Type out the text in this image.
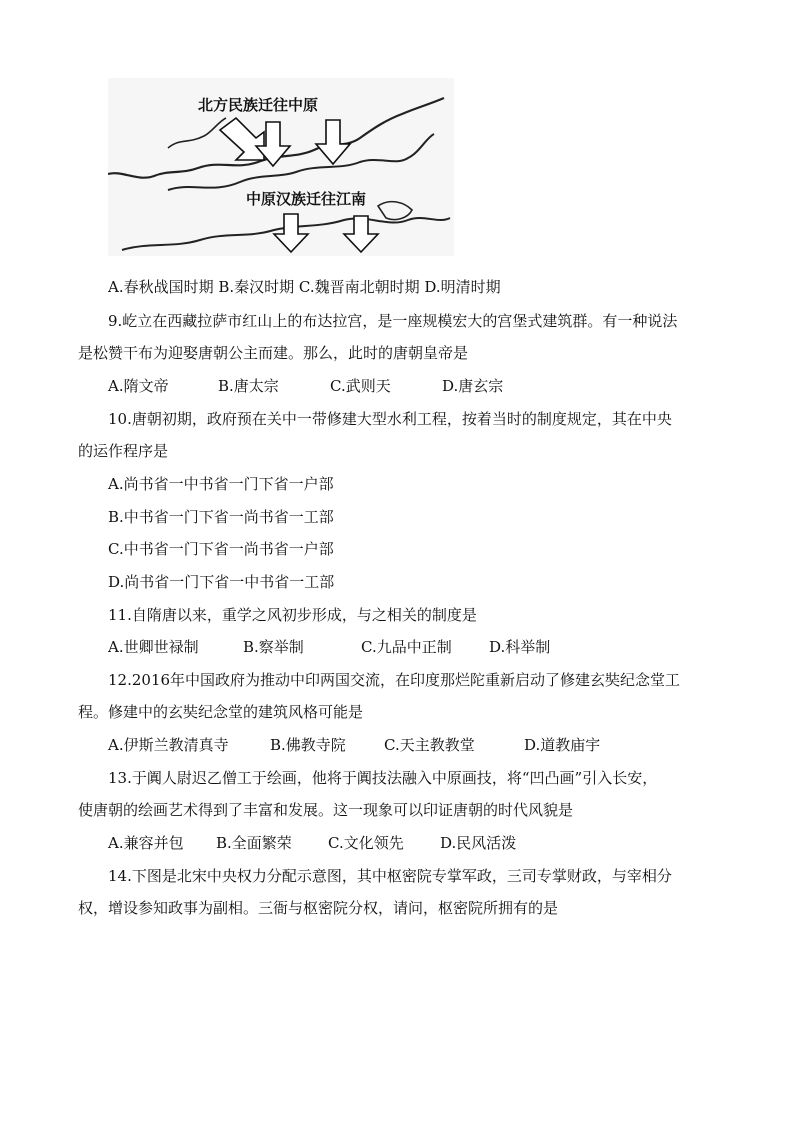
北方民族迁往中原
中原汉族迁往江南
A.春秋战国时期 B.秦汉时期 C.魏晋南北朝时期 D.明清时期
9.屹立在西藏拉萨市红山上的布达拉宫，是一座规模宏大的宫堡式建筑群。有一种说法
是松赞干布为迎娶唐朝公主而建。那么，此时的唐朝皇帝是
A.隋文帝	B.唐太宗	C.武则天	D.唐玄宗
10.唐朝初期，政府预在关中一带修建大型水利工程，按着当时的制度规定，其在中央
的运作程序是
A.尚书省一中书省一门下省一户部
B.中书省一门下省一尚书省一工部
C.中书省一门下省一尚书省一户部
D.尚书省一门下省一中书省一工部
11.自隋唐以来，重学之风初步形成，与之相关的制度是
A.世卿世禄制	B.察举制	C.九品中正制 D.科举制
12.2016年中国政府为推动中印两国交流，在印度那烂陀重新启动了修建玄奘纪念堂工
程。修建中的玄奘纪念堂的建筑风格可能是
A.伊斯兰教清真寺	B.佛教寺院	C.天主教教堂	D.道教庙宇
13.于阗人尉迟乙僧工于绘画，他将于阗技法融入中原画技，将“凹凸画”引入长安，
使唐朝的绘画艺术得到了丰富和发展。这一现象可以印证唐朝的时代风貌是
A.兼容并包 B.全面繁荣 C.文化领先 D.民风活泼
14.下图是北宋中央权力分配示意图，其中枢密院专掌军政，三司专掌财政，与宰相分
权，增设参知政事为副相。三衙与枢密院分权，请问，枢密院所拥有的是
